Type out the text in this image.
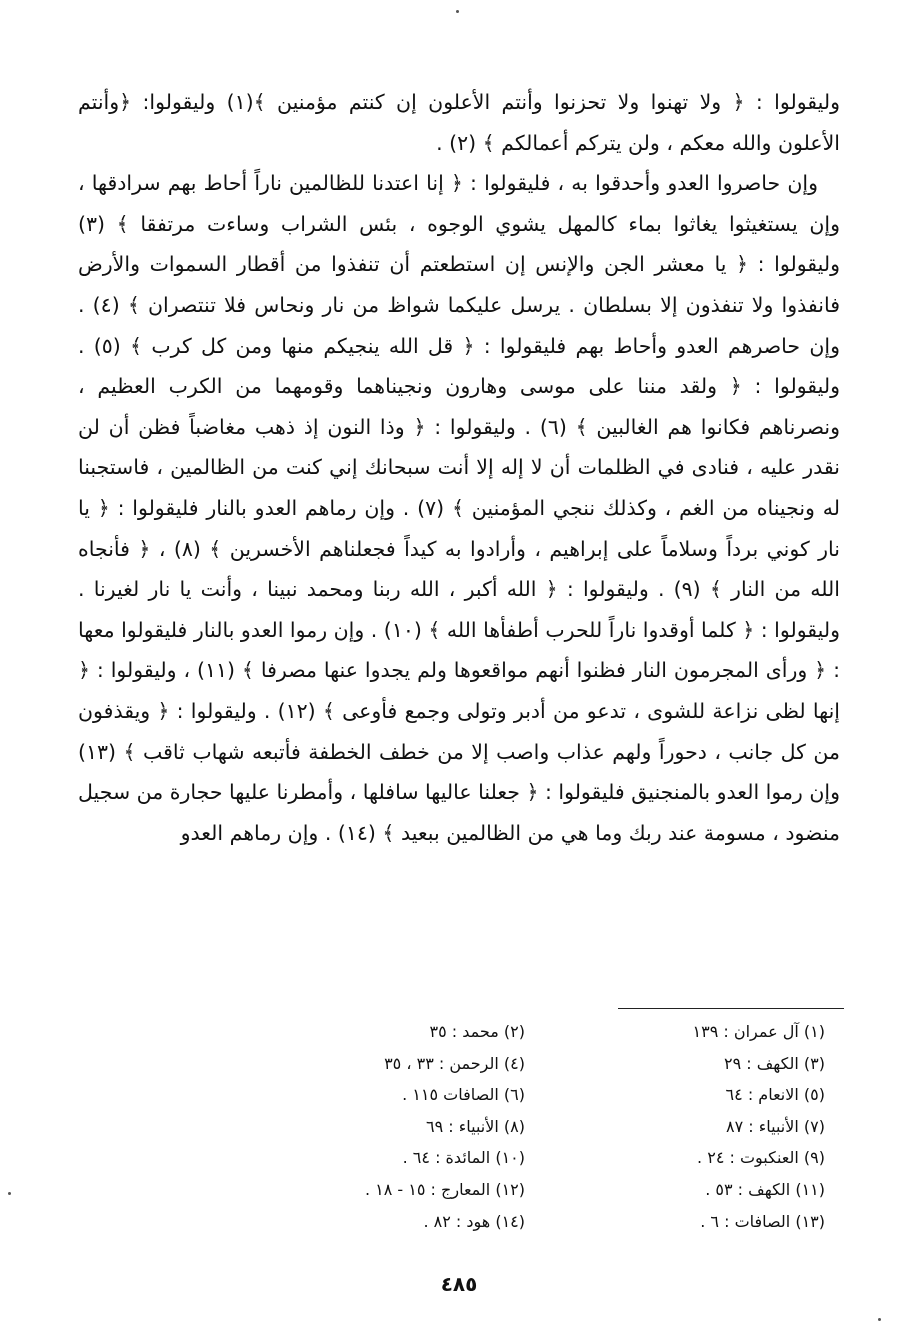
وليقولوا : ﴿ ولا تهنوا ولا تحزنوا وأنتم الأعلون إن كنتم مؤمنين ﴾(١) وليقولوا: ﴿وأنتم الأعلون والله معكم ، ولن يتركم أعمالكم ﴾ (٢) .

وإن حاصروا العدو وأحدقوا به ، فليقولوا : ﴿ إنا اعتدنا للظالمين ناراً أحاط بهم سرادقها ، وإن يستغيثوا يغاثوا بماء كالمهل يشوي الوجوه ، بئس الشراب وساءت مرتفقا ﴾ (٣) وليقولوا : ﴿ يا معشر الجن والإنس إن استطعتم أن تنفذوا من أقطار السموات والأرض فانفذوا ولا تنفذون إلا بسلطان . يرسل عليكما شواظ من نار ونحاس فلا تنتصران ﴾ (٤) . وإن حاصرهم العدو وأحاط بهم فليقولوا : ﴿ قل الله ينجيكم منها ومن كل كرب ﴾ (٥) . وليقولوا : ﴿ ولقد مننا على موسى وهارون ونجيناهما وقومهما من الكرب العظيم ، ونصرناهم فكانوا هم الغالبين ﴾ (٦) . وليقولوا : ﴿ وذا النون إذ ذهب مغاضباً فظن أن لن نقدر عليه ، فنادى في الظلمات أن لا إله إلا أنت سبحانك إني كنت من الظالمين ، فاستجبنا له ونجيناه من الغم ، وكذلك ننجي المؤمنين ﴾ (٧) . وإن رماهم العدو بالنار فليقولوا : ﴿ يا نار كوني برداً وسلاماً على إبراهيم ، وأرادوا به كيداً فجعلناهم الأخسرين ﴾ (٨) ، ﴿ فأنجاه الله من النار ﴾ (٩) . وليقولوا : ﴿ الله أكبر ، الله ربنا ومحمد نبينا ، وأنت يا نار لغيرنا . وليقولوا : ﴿ كلما أوقدوا ناراً للحرب أطفأها الله ﴾ (١٠) . وإن رموا العدو بالنار فليقولوا معها : ﴿ ورأى المجرمون النار فظنوا أنهم مواقعوها ولم يجدوا عنها مصرفا ﴾ (١١) ، وليقولوا : ﴿ إنها لظى نزاعة للشوى ، تدعو من أدبر وتولى وجمع فأوعى ﴾ (١٢) . وليقولوا : ﴿ ويقذفون من كل جانب ، دحوراً ولهم عذاب واصب إلا من خطف الخطفة فأتبعه شهاب ثاقب ﴾ (١٣) وإن رموا العدو بالمنجنيق فليقولوا : ﴿ جعلنا عاليها سافلها ، وأمطرنا عليها حجارة من سجيل منضود ، مسومة عند ربك وما هي من الظالمين ببعيد ﴾ (١٤) . وإن رماهم العدو

(١) آل عمران : ١٣٩
(٣) الكهف : ٢٩
(٥) الانعام : ٦٤
(٧) الأنبياء : ٨٧
(٩) العنكبوت : ٢٤ .
(١١) الكهف : ٥٣ .
(١٣) الصافات : ٦ .
(٢) محمد : ٣٥
(٤) الرحمن : ٣٣ ، ٣٥
(٦) الصافات ١١٥ .
(٨) الأنبياء : ٦٩
(١٠) المائدة : ٦٤ .
(١٢) المعارج : ١٥ - ١٨ .
(١٤) هود : ٨٢ .
٤٨٥
